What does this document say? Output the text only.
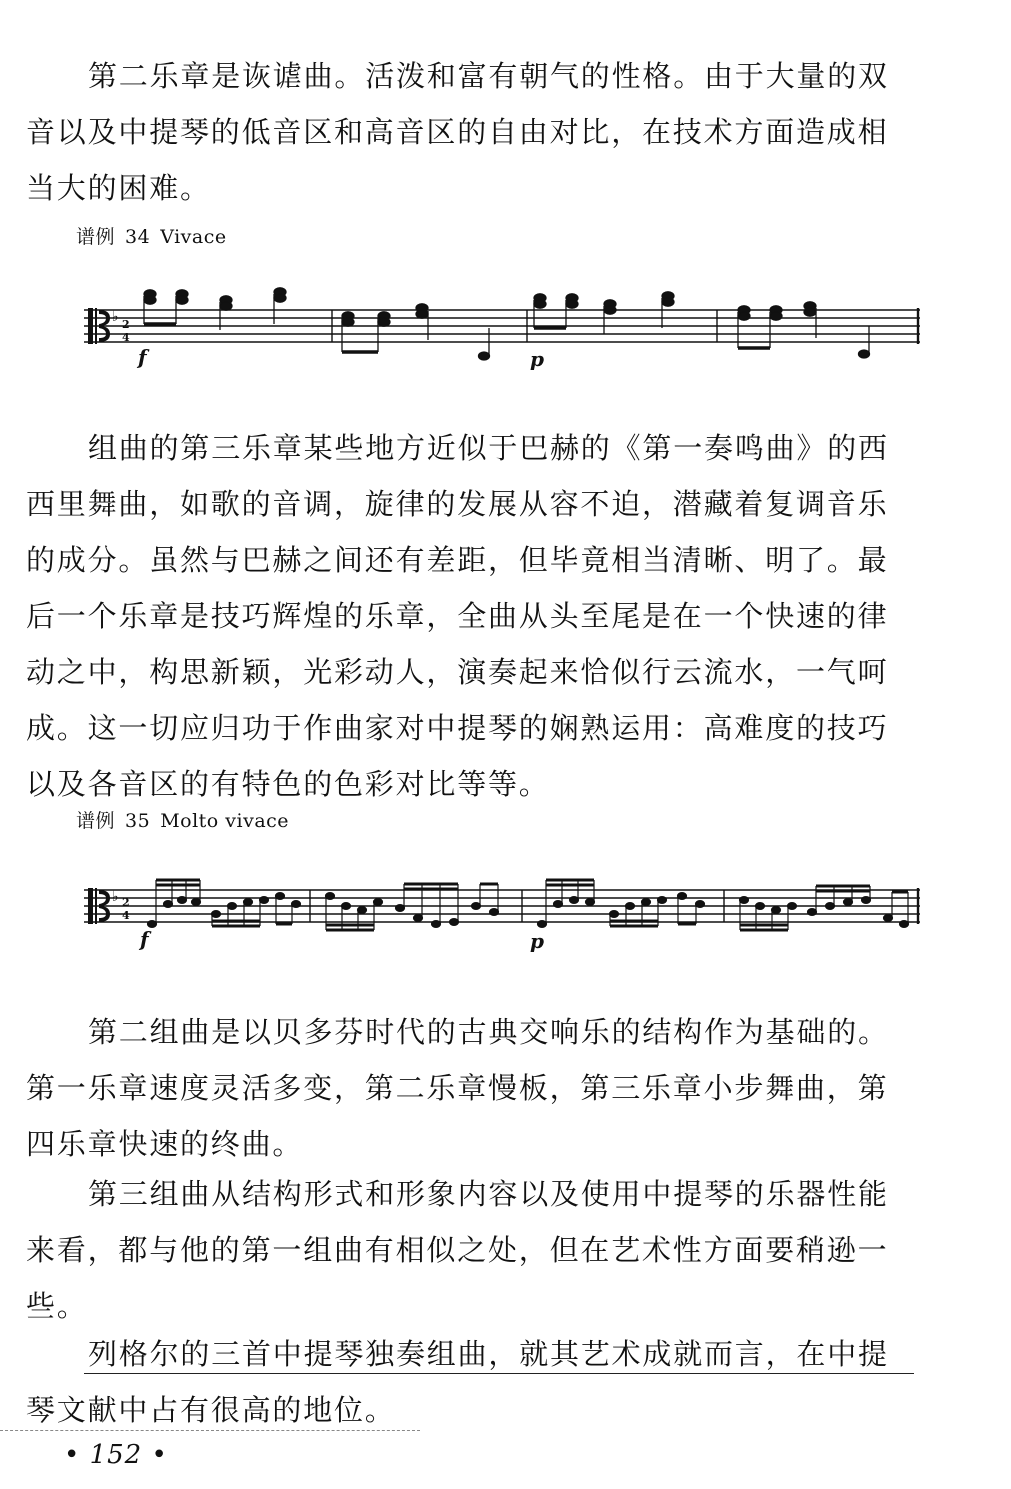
第二乐章是诙谑曲。活泼和富有朝气的性格。由于大量的双
音以及中提琴的低音区和高音区的自由对比，在技术方面造成相
当大的困难。
谱例 34 Vivace
♭ 2
4
f	p
组曲的第三乐章某些地方近似于巴赫的《第一奏鸣曲》的西
西里舞曲，如歌的音调，旋律的发展从容不迫，潜藏着复调音乐
的成分。虽然与巴赫之间还有差距，但毕竟相当清晰、明了。最
后一个乐章是技巧辉煌的乐章，全曲从头至尾是在一个快速的律
动之中，构思新颖，光彩动人，演奏起来恰似行云流水，一气呵
成。这一切应归功于作曲家对中提琴的娴熟运用：高难度的技巧
以及各音区的有特色的色彩对比等等。
谱例 35 Molto vivace
♭ 2
4
f	p
第二组曲是以贝多芬时代的古典交响乐的结构作为基础的。
第一乐章速度灵活多变，第二乐章慢板，第三乐章小步舞曲，第
四乐章快速的终曲。
第三组曲从结构形式和形象内容以及使用中提琴的乐器性能
来看，都与他的第一组曲有相似之处，但在艺术性方面要稍逊一
些。
列格尔的三首中提琴独奏组曲，就其艺术成就而言，在中提
琴文献中占有很高的地位。
• 152 •
